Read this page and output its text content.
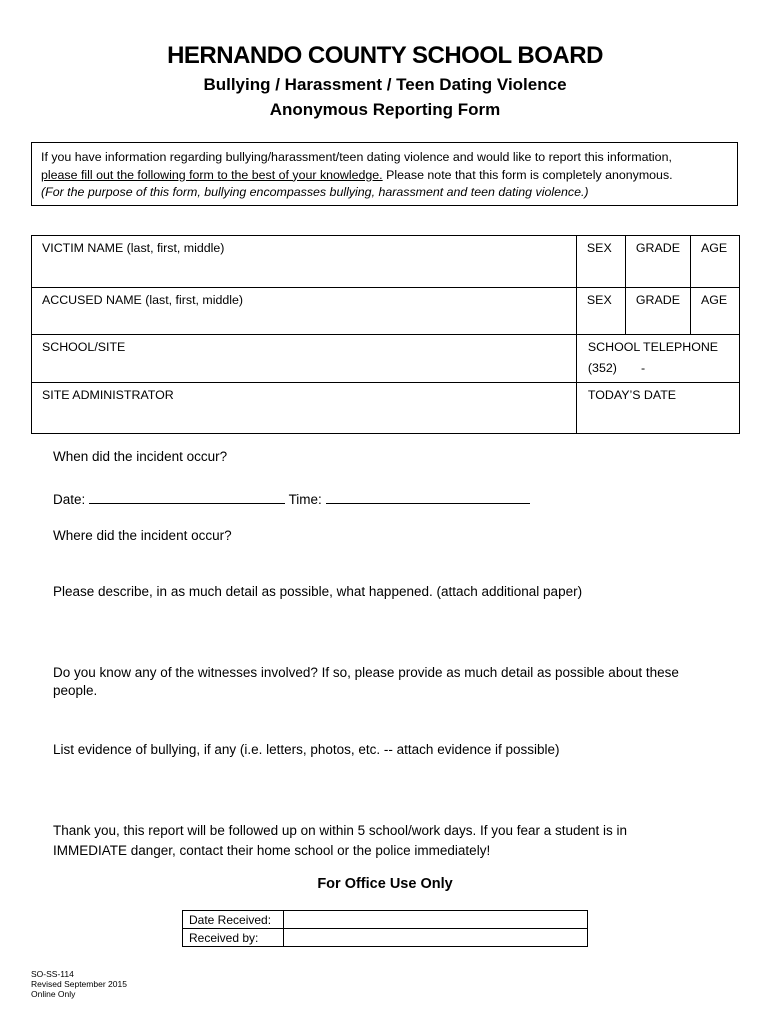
HERNANDO COUNTY SCHOOL BOARD
Bullying / Harassment / Teen Dating Violence
Anonymous Reporting Form
If you have information regarding bullying/harassment/teen dating violence and would like to report this information,
please fill out the following form to the best of your knowledge. Please note that this form is completely anonymous.
(For the purpose of this form, bullying encompasses bullying, harassment and teen dating violence.)
VICTIM NAME (last, first, middle)	SEX	GRADE	AGE
ACCUSED NAME (last, first, middle)	SEX	GRADE	AGE
SCHOOL/SITE	SCHOOL TELEPHONE
(352)       -		

SITE ADMINISTRATOR	TODAY’S DATE		
When did the incident occur?
Date:	Time:
Where did the incident occur?
Please describe, in as much detail as possible, what happened. (attach additional paper)
Do you know any of the witnesses involved? If so, please provide as much detail as possible about these
people.
List evidence of bullying, if any (i.e. letters, photos, etc. -- attach evidence if possible)
Thank you, this report will be followed up on within 5 school/work days. If you fear a student is in
IMMEDIATE danger, contact their home school or the police immediately!
For Office Use Only
Date Received:	
Received by:	
SO-SS-114
Revised September 2015
Online Only
